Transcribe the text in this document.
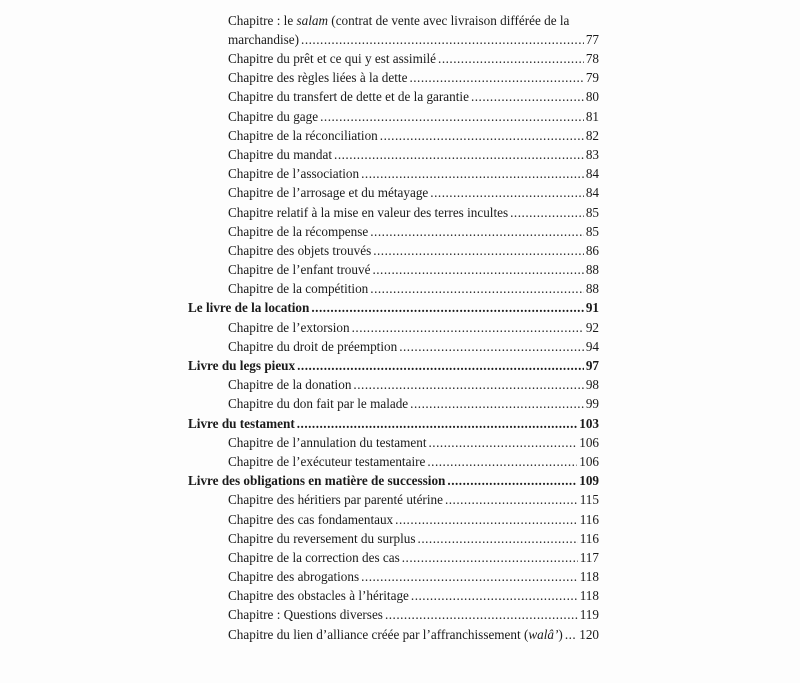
Chapitre : le salam (contrat de vente avec livraison différée de la
marchandise) .....	77
Chapitre du prêt et ce qui y est assimilé .....	78
Chapitre des règles liées à la dette .....	79
Chapitre du transfert de dette et de la garantie .....	80
Chapitre du gage .....	81
Chapitre de la réconciliation .....	82
Chapitre du mandat .....	83
Chapitre de l’association .....	84
Chapitre de l’arrosage et du métayage .....	84
Chapitre relatif à la mise en valeur des terres incultes .....	85
Chapitre de la récompense .....	85
Chapitre des objets trouvés .....	86
Chapitre de l’enfant trouvé .....	88
Chapitre de la compétition .....	88
Le livre de la location .....	91
Chapitre de l’extorsion .....	92
Chapitre du droit de préemption .....	94
Livre du legs pieux .....	97
Chapitre de la donation .....	98
Chapitre du don fait par le malade .....	99
Livre du testament .....	103
Chapitre de l’annulation du testament .....	106
Chapitre de l’exécuteur testamentaire .....	106
Livre des obligations en matière de succession .....	109
Chapitre des héritiers par parenté utérine .....	115
Chapitre des cas fondamentaux .....	116
Chapitre du reversement du surplus .....	116
Chapitre de la correction des cas .....	117
Chapitre des abrogations .....	118
Chapitre des obstacles à l’héritage .....	118
Chapitre : Questions diverses .....	119
Chapitre du lien d’alliance créée par l’affranchissement (walâ’) ..... 120
